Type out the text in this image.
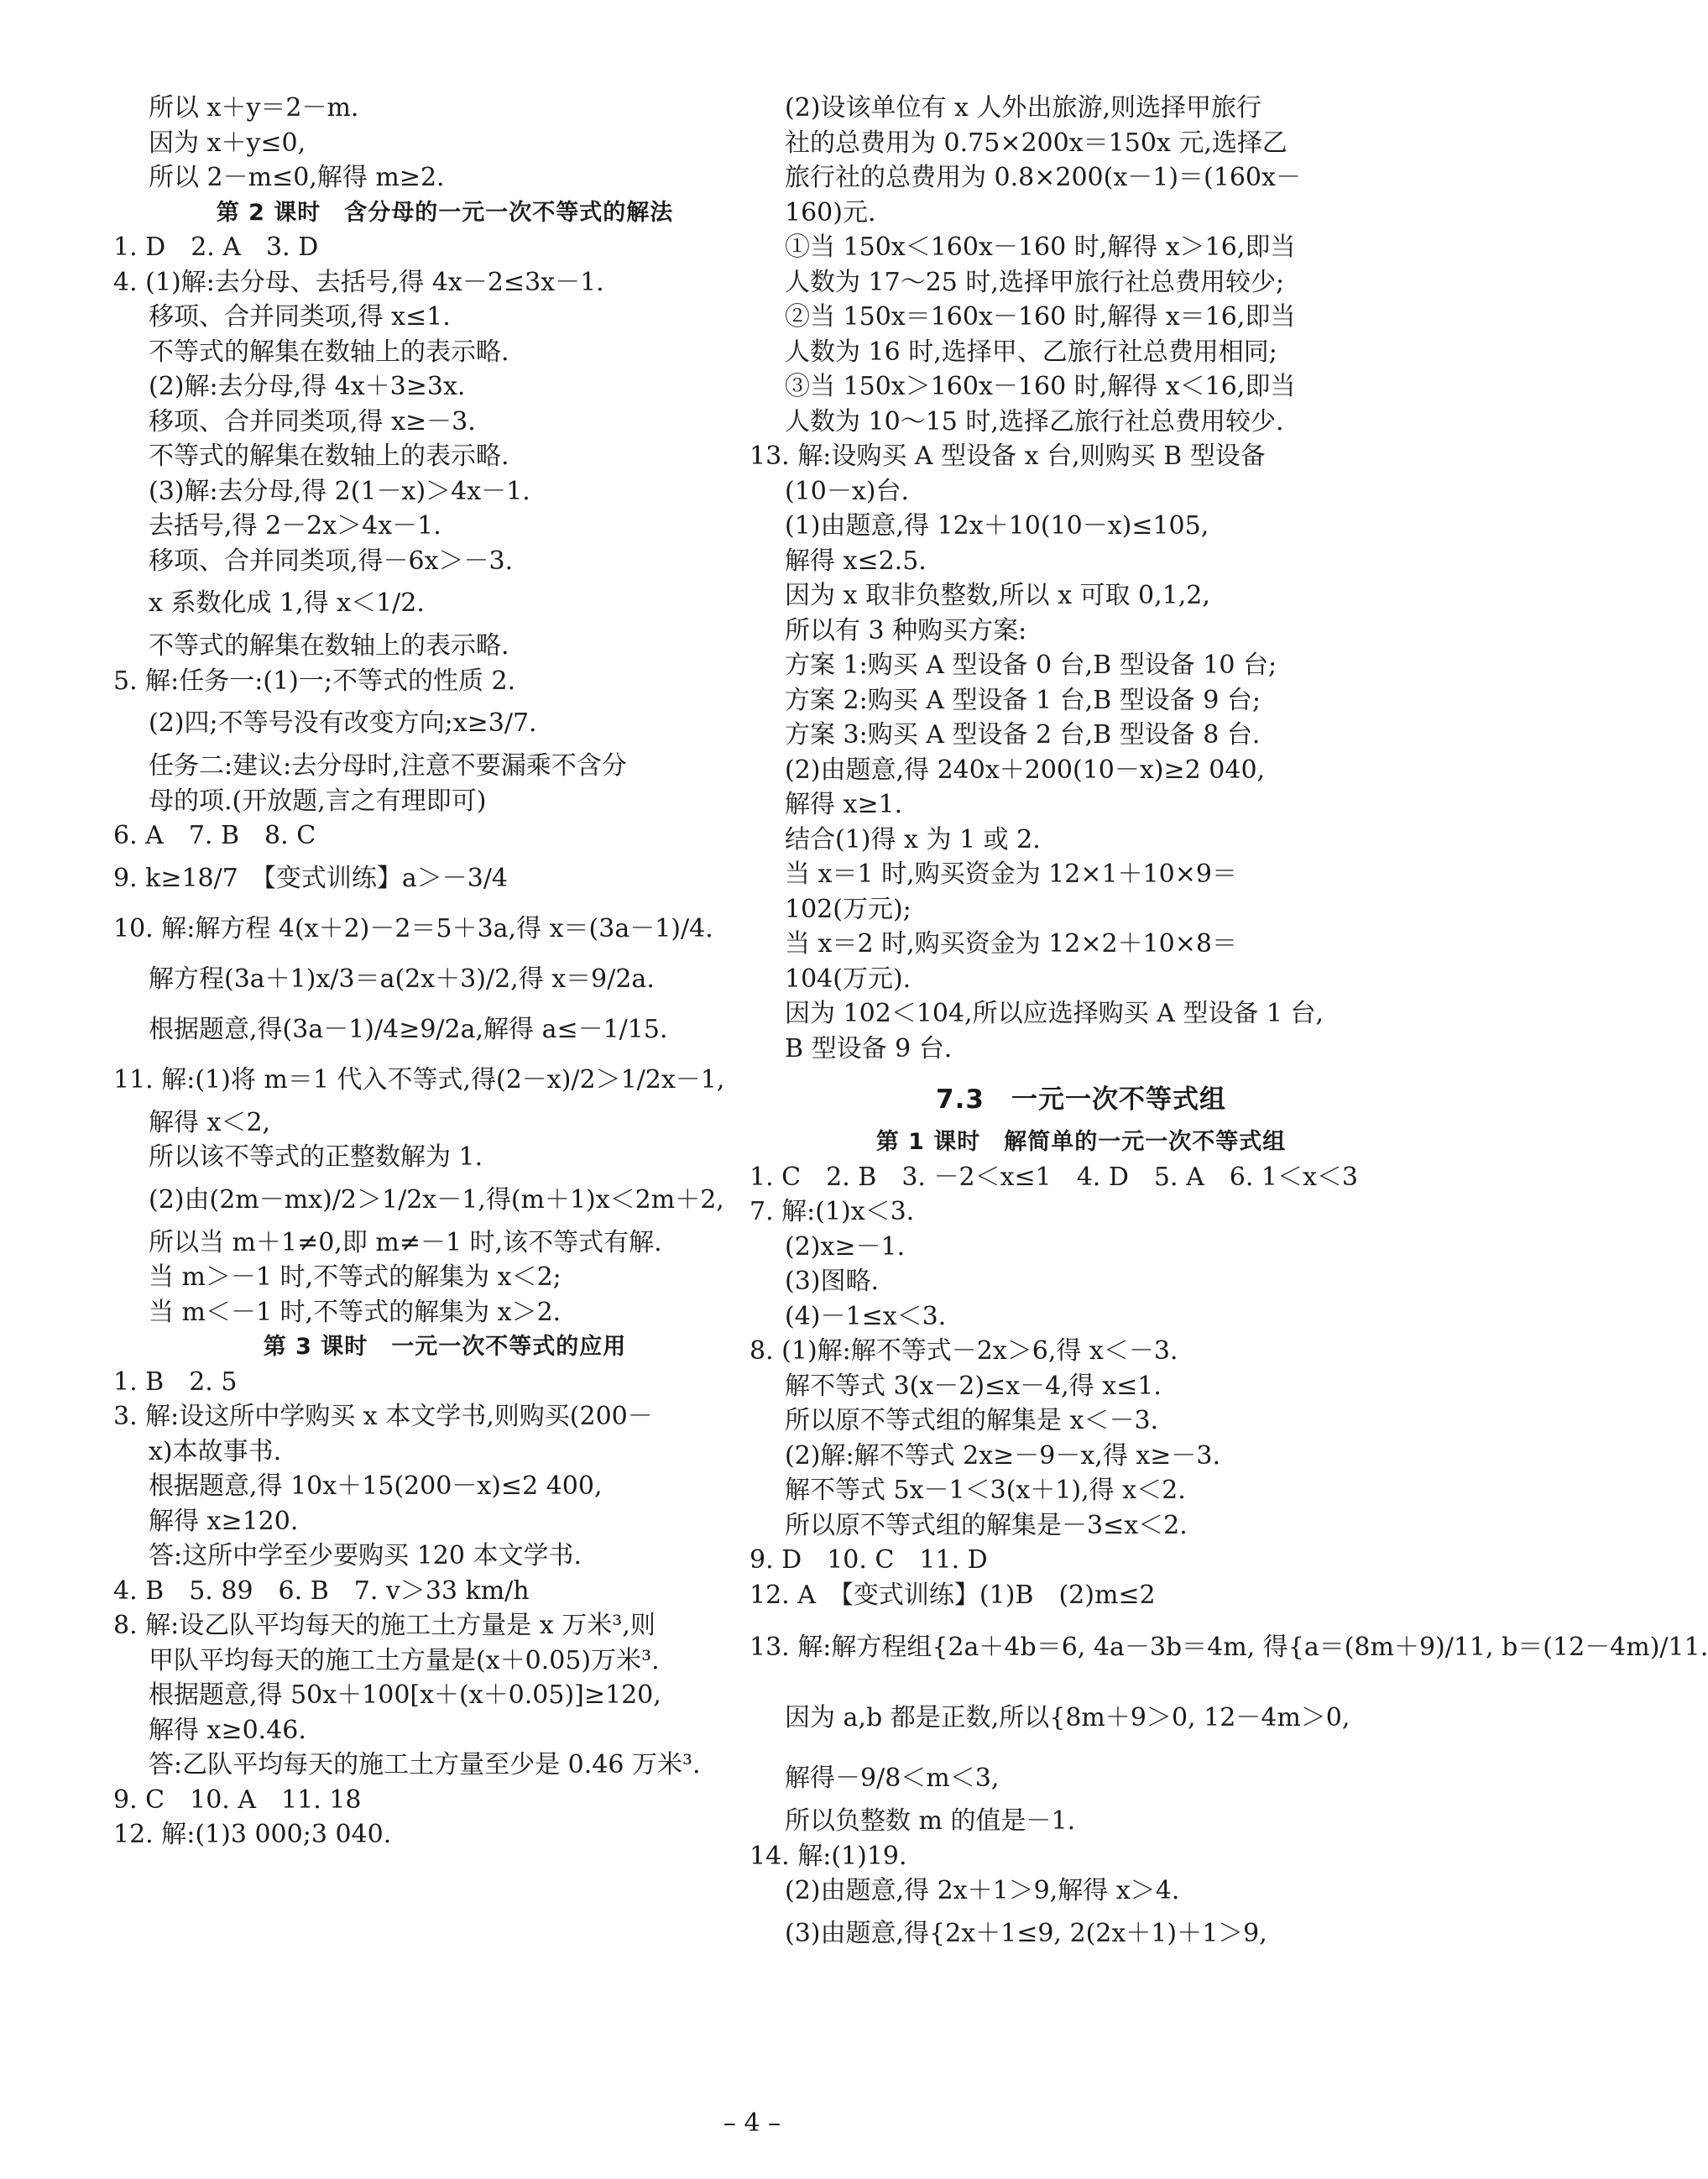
所以 x＋y＝2－m.
因为 x＋y≤0,
所以 2－m≤0,解得 m≥2.
第 2 课时　含分母的一元一次不等式的解法
1. D　2. A　3. D
4. (1)解:去分母、去括号,得 4x－2≤3x－1.
移项、合并同类项,得 x≤1.
不等式的解集在数轴上的表示略.
(2)解:去分母,得 4x＋3≥3x.
移项、合并同类项,得 x≥－3.
不等式的解集在数轴上的表示略.
(3)解:去分母,得 2(1－x)＞4x－1.
去括号,得 2－2x＞4x－1.
移项、合并同类项,得－6x＞－3.
x 系数化成 1,得 x＜1/2.
不等式的解集在数轴上的表示略.
5. 解:任务一:(1)一;不等式的性质 2.
(2)四;不等号没有改变方向;x≥3/7.
任务二:建议:去分母时,注意不要漏乘不含分
母的项.(开放题,言之有理即可)
6. A　7. B　8. C
9. k≥18/7　【变式训练】a＞－3/4
10. 解:解方程 4(x＋2)－2＝5＋3a,得 x＝(3a－1)/4.
解方程(3a＋1)x/3＝a(2x＋3)/2,得 x＝9/2a.
根据题意,得(3a－1)/4≥9/2a,解得 a≤－1/15.
11. 解:(1)将 m＝1 代入不等式,得(2－x)/2＞1/2x－1,
解得 x＜2,
所以该不等式的正整数解为 1.
(2)由(2m－mx)/2＞1/2x－1,得(m＋1)x＜2m＋2,
所以当 m＋1≠0,即 m≠－1 时,该不等式有解.
当 m＞－1 时,不等式的解集为 x＜2;
当 m＜－1 时,不等式的解集为 x＞2.
第 3 课时　一元一次不等式的应用
1. B　2. 5
3. 解:设这所中学购买 x 本文学书,则购买(200－
x)本故事书.
根据题意,得 10x＋15(200－x)≤2 400,
解得 x≥120.
答:这所中学至少要购买 120 本文学书.
4. B　5. 89　6. B　7. v＞33 km/h
8. 解:设乙队平均每天的施工土方量是 x 万米³,则
甲队平均每天的施工土方量是(x＋0.05)万米³.
根据题意,得 50x＋100[x＋(x＋0.05)]≥120,
解得 x≥0.46.
答:乙队平均每天的施工土方量至少是 0.46 万米³.
9. C　10. A　11. 18
12. 解:(1)3 000;3 040.
(2)设该单位有 x 人外出旅游,则选择甲旅行
社的总费用为 0.75×200x＝150x 元,选择乙
旅行社的总费用为 0.8×200(x－1)＝(160x－
160)元.
①当 150x＜160x－160 时,解得 x＞16,即当
人数为 17～25 时,选择甲旅行社总费用较少;
②当 150x＝160x－160 时,解得 x＝16,即当
人数为 16 时,选择甲、乙旅行社总费用相同;
③当 150x＞160x－160 时,解得 x＜16,即当
人数为 10～15 时,选择乙旅行社总费用较少.
13. 解:设购买 A 型设备 x 台,则购买 B 型设备
(10－x)台.
(1)由题意,得 12x＋10(10－x)≤105,
解得 x≤2.5.
因为 x 取非负整数,所以 x 可取 0,1,2,
所以有 3 种购买方案:
方案 1:购买 A 型设备 0 台,B 型设备 10 台;
方案 2:购买 A 型设备 1 台,B 型设备 9 台;
方案 3:购买 A 型设备 2 台,B 型设备 8 台.
(2)由题意,得 240x＋200(10－x)≥2 040,
解得 x≥1.
结合(1)得 x 为 1 或 2.
当 x＝1 时,购买资金为 12×1＋10×9＝
102(万元);
当 x＝2 时,购买资金为 12×2＋10×8＝
104(万元).
因为 102＜104,所以应选择购买 A 型设备 1 台,
B 型设备 9 台.
7.3　一元一次不等式组
第 1 课时　解简单的一元一次不等式组
1. C　2. B　3. －2＜x≤1　4. D　5. A　6. 1＜x＜3
7. 解:(1)x＜3.
(2)x≥－1.
(3)图略.
(4)－1≤x＜3.
8. (1)解:解不等式－2x＞6,得 x＜－3.
解不等式 3(x－2)≤x－4,得 x≤1.
所以原不等式组的解集是 x＜－3.
(2)解:解不等式 2x≥－9－x,得 x≥－3.
解不等式 5x－1＜3(x＋1),得 x＜2.
所以原不等式组的解集是－3≤x＜2.
9. D　10. C　11. D
12. A　【变式训练】(1)B　(2)m≤2
13. 解:解方程组{2a＋4b＝6, 4a－3b＝4m, 得{a＝(8m＋9)/11, b＝(12－4m)/11.
因为 a,b 都是正数,所以{8m＋9＞0, 12－4m＞0,
解得－9/8＜m＜3,
所以负整数 m 的值是－1.
14. 解:(1)19.
(2)由题意,得 2x＋1＞9,解得 x＞4.
(3)由题意,得{2x＋1≤9, 2(2x＋1)＋1＞9,
– 4 –
